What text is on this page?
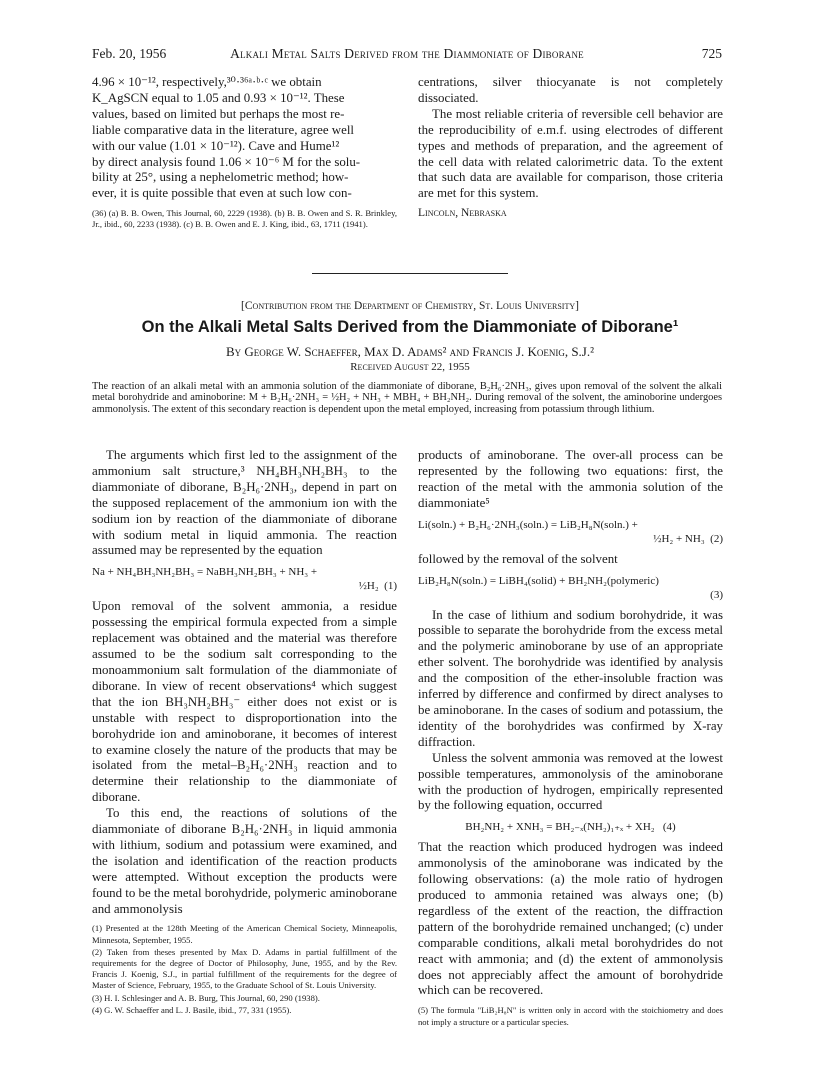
Feb. 20, 1956	Alkali Metal Salts Derived from the Diammoniate of Diborane	725

4.96 × 10⁻¹², respectively,³⁰·³⁶ᵃ·ᵇ·ᶜ we obtain

K_AgSCN equal to 1.05 and 0.93 × 10⁻¹². These

values, based on limited but perhaps the most re-

liable comparative data in the literature, agree well

with our value (1.01 × 10⁻¹²). Cave and Hume¹²

by direct analysis found 1.06 × 10⁻⁶ M for the solu-

bility at 25°, using a nephelometric method; how-

ever, it is quite possible that even at such low con-

(36) (a) B. B. Owen, This Journal, 60, 2229 (1938). (b) B. B. Owen and S. R. Brinkley, Jr., ibid., 60, 2233 (1938). (c) B. B. Owen and E. J. King, ibid., 63, 1711 (1941).

centrations, silver thiocyanate is not completely dissociated.

The most reliable criteria of reversible cell behavior are the reproducibility of e.m.f. using electrodes of different types and methods of preparation, and the agreement of the cell data with related calorimetric data. To the extent that such data are available for comparison, those criteria are met for this system.

Lincoln, Nebraska

[Contribution from the Department of Chemistry, St. Louis University]
On the Alkali Metal Salts Derived from the Diammoniate of Diborane¹
By George W. Schaeffer, Max D. Adams² and Francis J. Koenig, S.J.²
Received August 22, 1955

The reaction of an alkali metal with an ammonia solution of the diammoniate of diborane, B₂H₆·2NH₃, gives upon removal of the solvent the alkali metal borohydride and aminoborine: M + B₂H₆·2NH₃ = ½H₂ + NH₃ + MBH₄ + BH₂NH₂. During removal of the solvent, the aminoborine undergoes ammonolysis. The extent of this secondary reaction is dependent upon the metal employed, increasing from potassium through lithium.

The arguments which first led to the assignment of the ammonium salt structure,³ NH₄BH₃NH₂BH₃ to the diammoniate of diborane, B₂H₆·2NH₃, depend in part on the supposed replacement of the ammonium ion with the sodium ion by reaction of the diammoniate of diborane with sodium metal in liquid ammonia. The reaction assumed may be represented by the equation

Na + NH₄BH₃NH₂BH₃ = NaBH₃NH₂BH₃ + NH₃ +
½H₂ (1)

Upon removal of the solvent ammonia, a residue possessing the empirical formula expected from a simple replacement was obtained and the material was therefore assumed to be the sodium salt corresponding to the monoammonium salt formulation of the diammoniate of diborane. In view of recent observations⁴ which suggest that the ion BH₃NH₂BH₃⁻ either does not exist or is unstable with respect to disproportionation into the borohydride ion and aminoborane, it becomes of interest to examine closely the nature of the products that may be isolated from the metal–B₂H₆·2NH₃ reaction and to determine their relationship to the diammoniate of diborane.

To this end, the reactions of solutions of the diammoniate of diborane B₂H₆·2NH₃ in liquid ammonia with lithium, sodium and potassium were examined, and the isolation and identification of the reaction products were attempted. Without exception the products were found to be the metal borohydride, polymeric aminoborane and ammonolysis

(1) Presented at the 128th Meeting of the American Chemical Society, Minneapolis, Minnesota, September, 1955.

(2) Taken from theses presented by Max D. Adams in partial fulfillment of the requirements for the degree of Doctor of Philosophy, June, 1955, and by the Rev. Francis J. Koenig, S.J., in partial fulfillment of the requirements for the degree of Master of Science, February, 1955, to the Graduate School of St. Louis University.

(3) H. I. Schlesinger and A. B. Burg, This Journal, 60, 290 (1938).

(4) G. W. Schaeffer and L. J. Basile, ibid., 77, 331 (1955).

products of aminoborane. The over-all process can be represented by the following two equations: first, the reaction of the metal with the ammonia solution of the diammoniate⁵

Li(soln.) + B₂H₆·2NH₃(soln.) = LiB₂H₈N(soln.) +
½H₂ + NH₃ (2)

followed by the removal of the solvent

LiB₂H₈N(soln.) = LiBH₄(solid) + BH₂NH₂(polymeric)
(3)

In the case of lithium and sodium borohydride, it was possible to separate the borohydride from the excess metal and the polymeric aminoborane by use of an appropriate ether solvent. The borohydride was identified by analysis and the composition of the ether-insoluble fraction was inferred by difference and confirmed by direct analyses to be aminoborane. In the cases of sodium and potassium, the identity of the borohydrides was confirmed by X-ray diffraction.

Unless the solvent ammonia was removed at the lowest possible temperatures, ammonolysis of the aminoborane with the production of hydrogen, empirically represented by the following equation, occurred

BH₂NH₂ + XNH₃ = BH₂₋ₓ(NH₂)₁₊ₓ + XH₂ (4)

That the reaction which produced hydrogen was indeed ammonolysis of the aminoborane was indicated by the following observations: (a) the mole ratio of hydrogen produced to ammonia retained was always one; (b) regardless of the extent of the reaction, the diffraction pattern of the borohydride remained unchanged; (c) under comparable conditions, alkali metal borohydrides do not react with ammonia; and (d) the extent of ammonolysis does not appreciably affect the amount of borohydride which can be recovered.

(5) The formula "LiB₂H₈N" is written only in accord with the stoichiometry and does not imply a structure or a particular species.
